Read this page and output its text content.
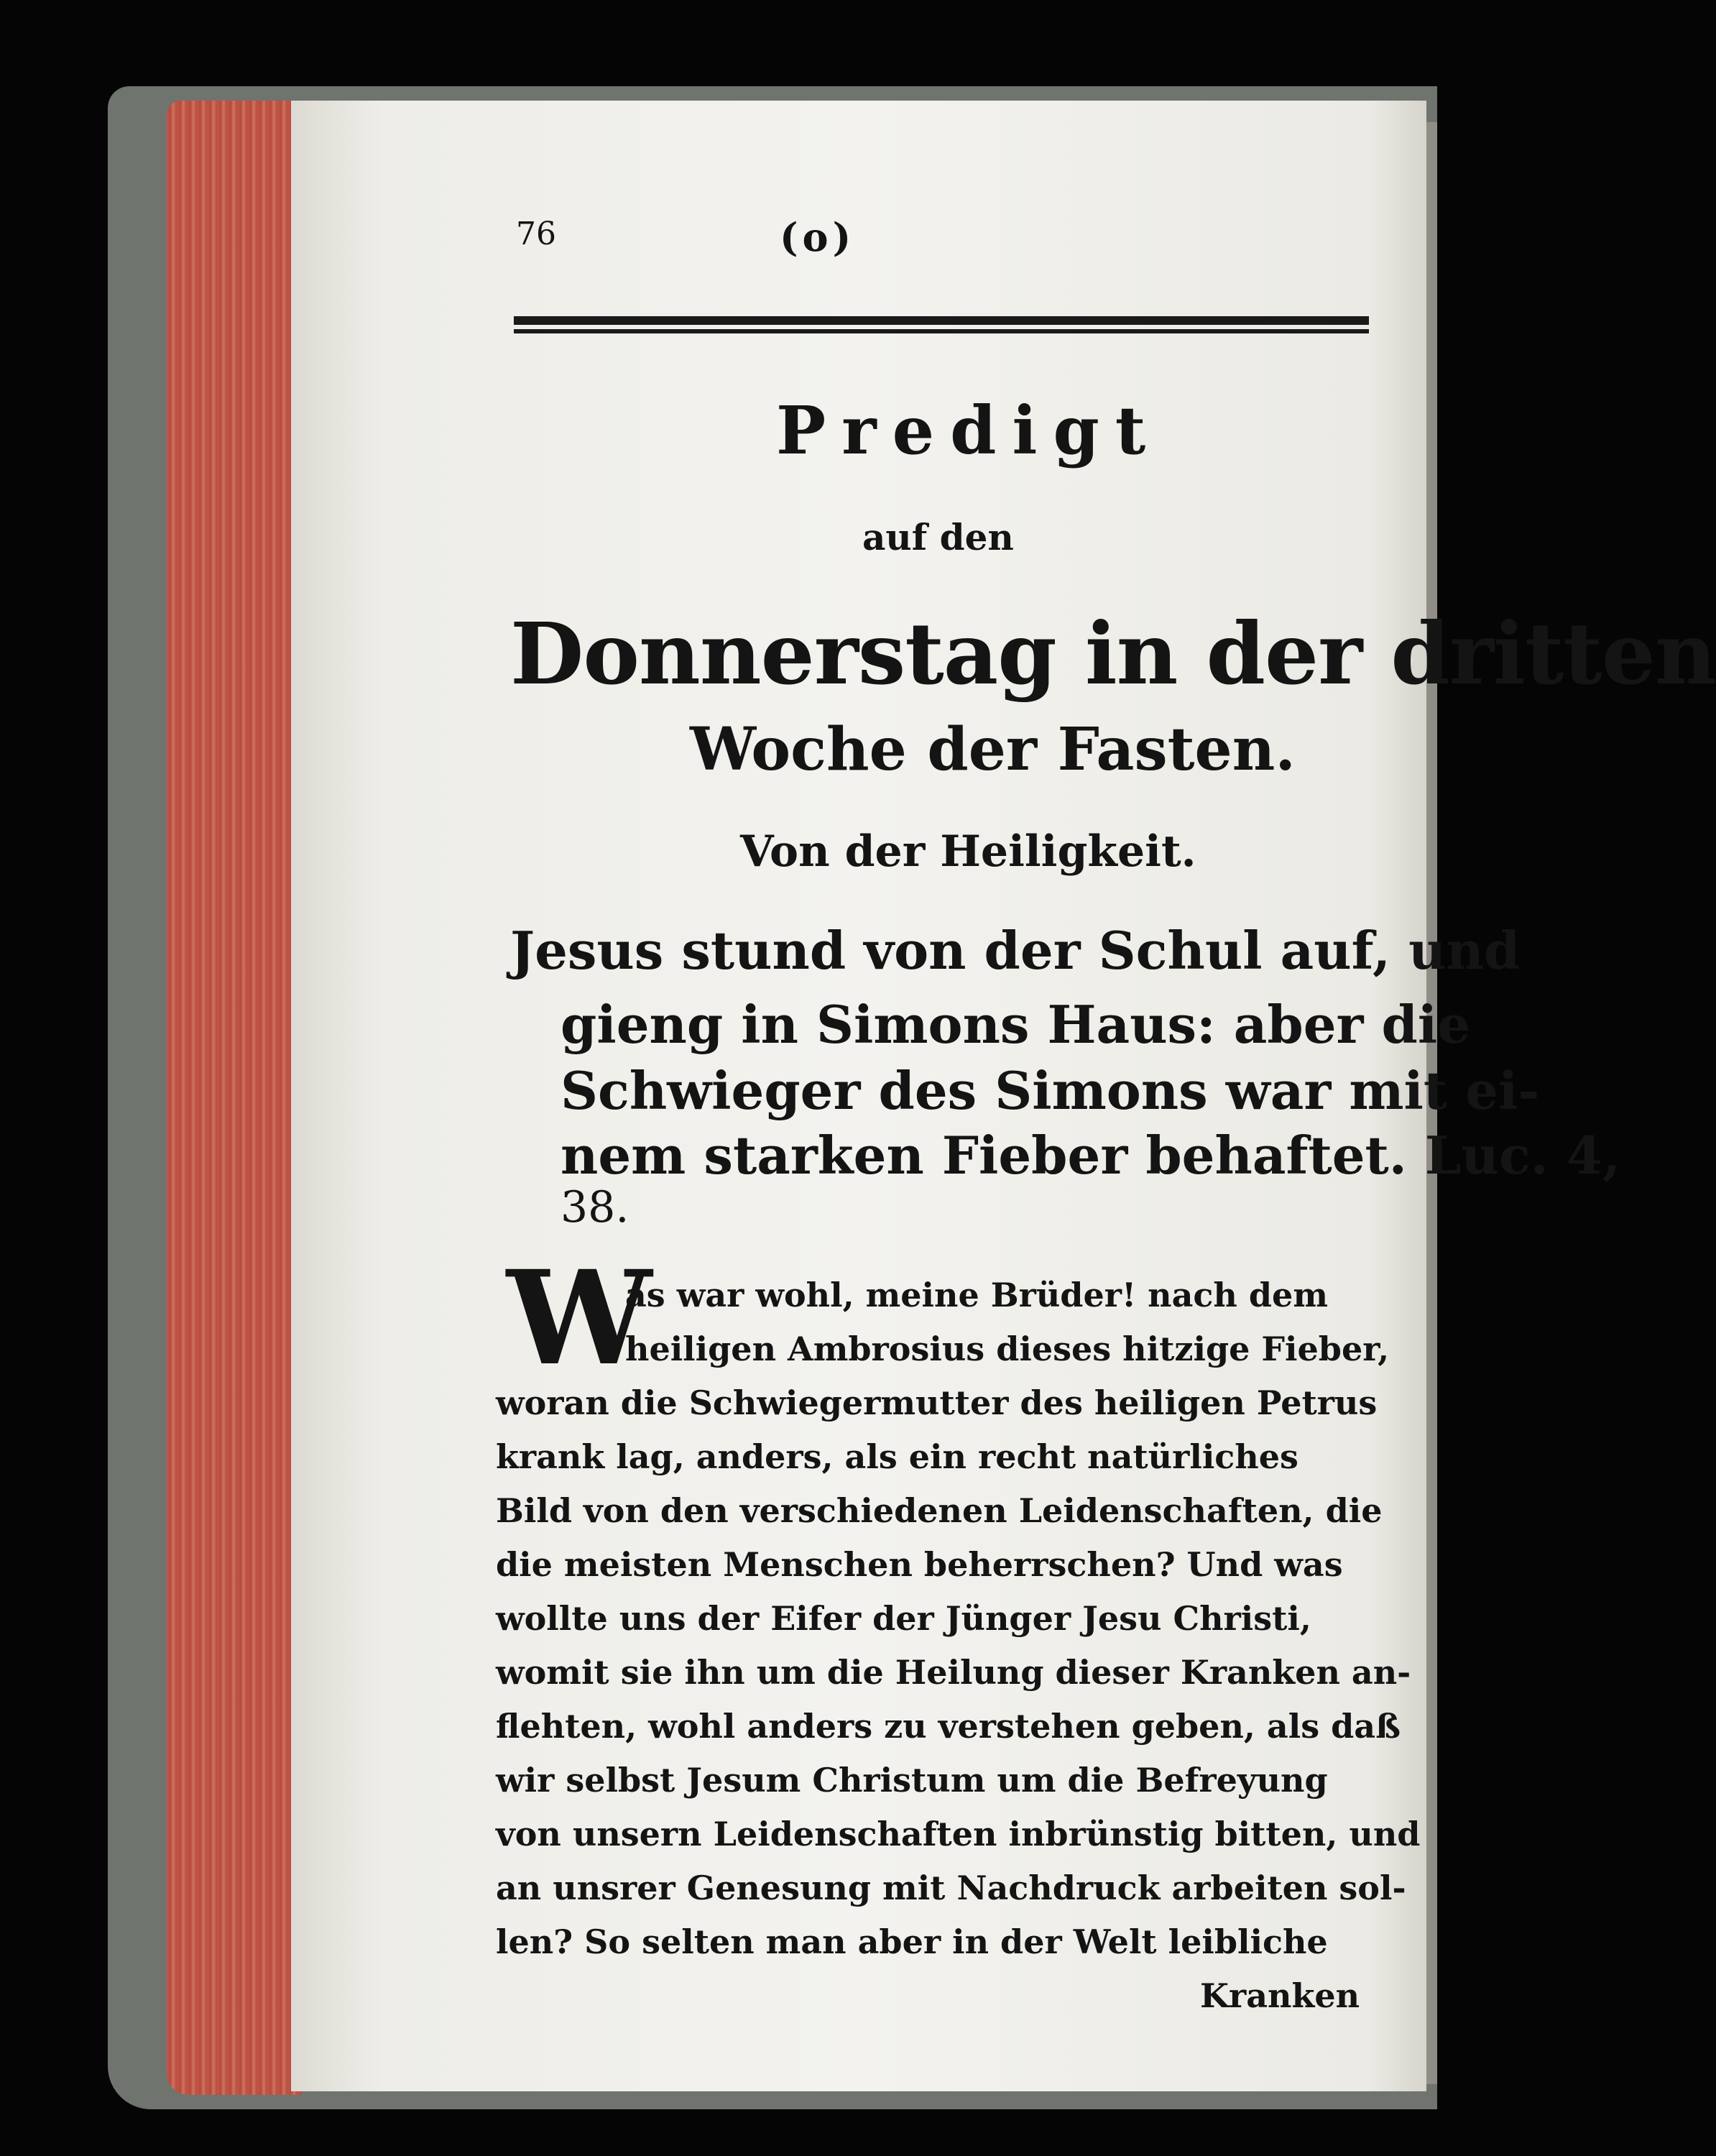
76	(o)
Predigt
auf den
Donnerstag in der dritten
Woche der Fasten.
Von der Heiligkeit.
Jesus stund von der Schul auf, und
gieng in Simons Haus: aber die
Schwieger des Simons war mit ei-
nem starken Fieber behaftet. Luc. 4,
38.
W
as war wohl, meine Brüder! nach dem
heiligen Ambrosius dieses hitzige Fieber,
woran die Schwiegermutter des heiligen Petrus
krank lag, anders, als ein recht natürliches
Bild von den verschiedenen Leidenschaften, die
die meisten Menschen beherrschen? Und was
wollte uns der Eifer der Jünger Jesu Christi,
womit sie ihn um die Heilung dieser Kranken an-
flehten, wohl anders zu verstehen geben, als daß
wir selbst Jesum Christum um die Befreyung
von unsern Leidenschaften inbrünstig bitten, und
an unsrer Genesung mit Nachdruck arbeiten sol-
len? So selten man aber in der Welt leibliche
Kranken
